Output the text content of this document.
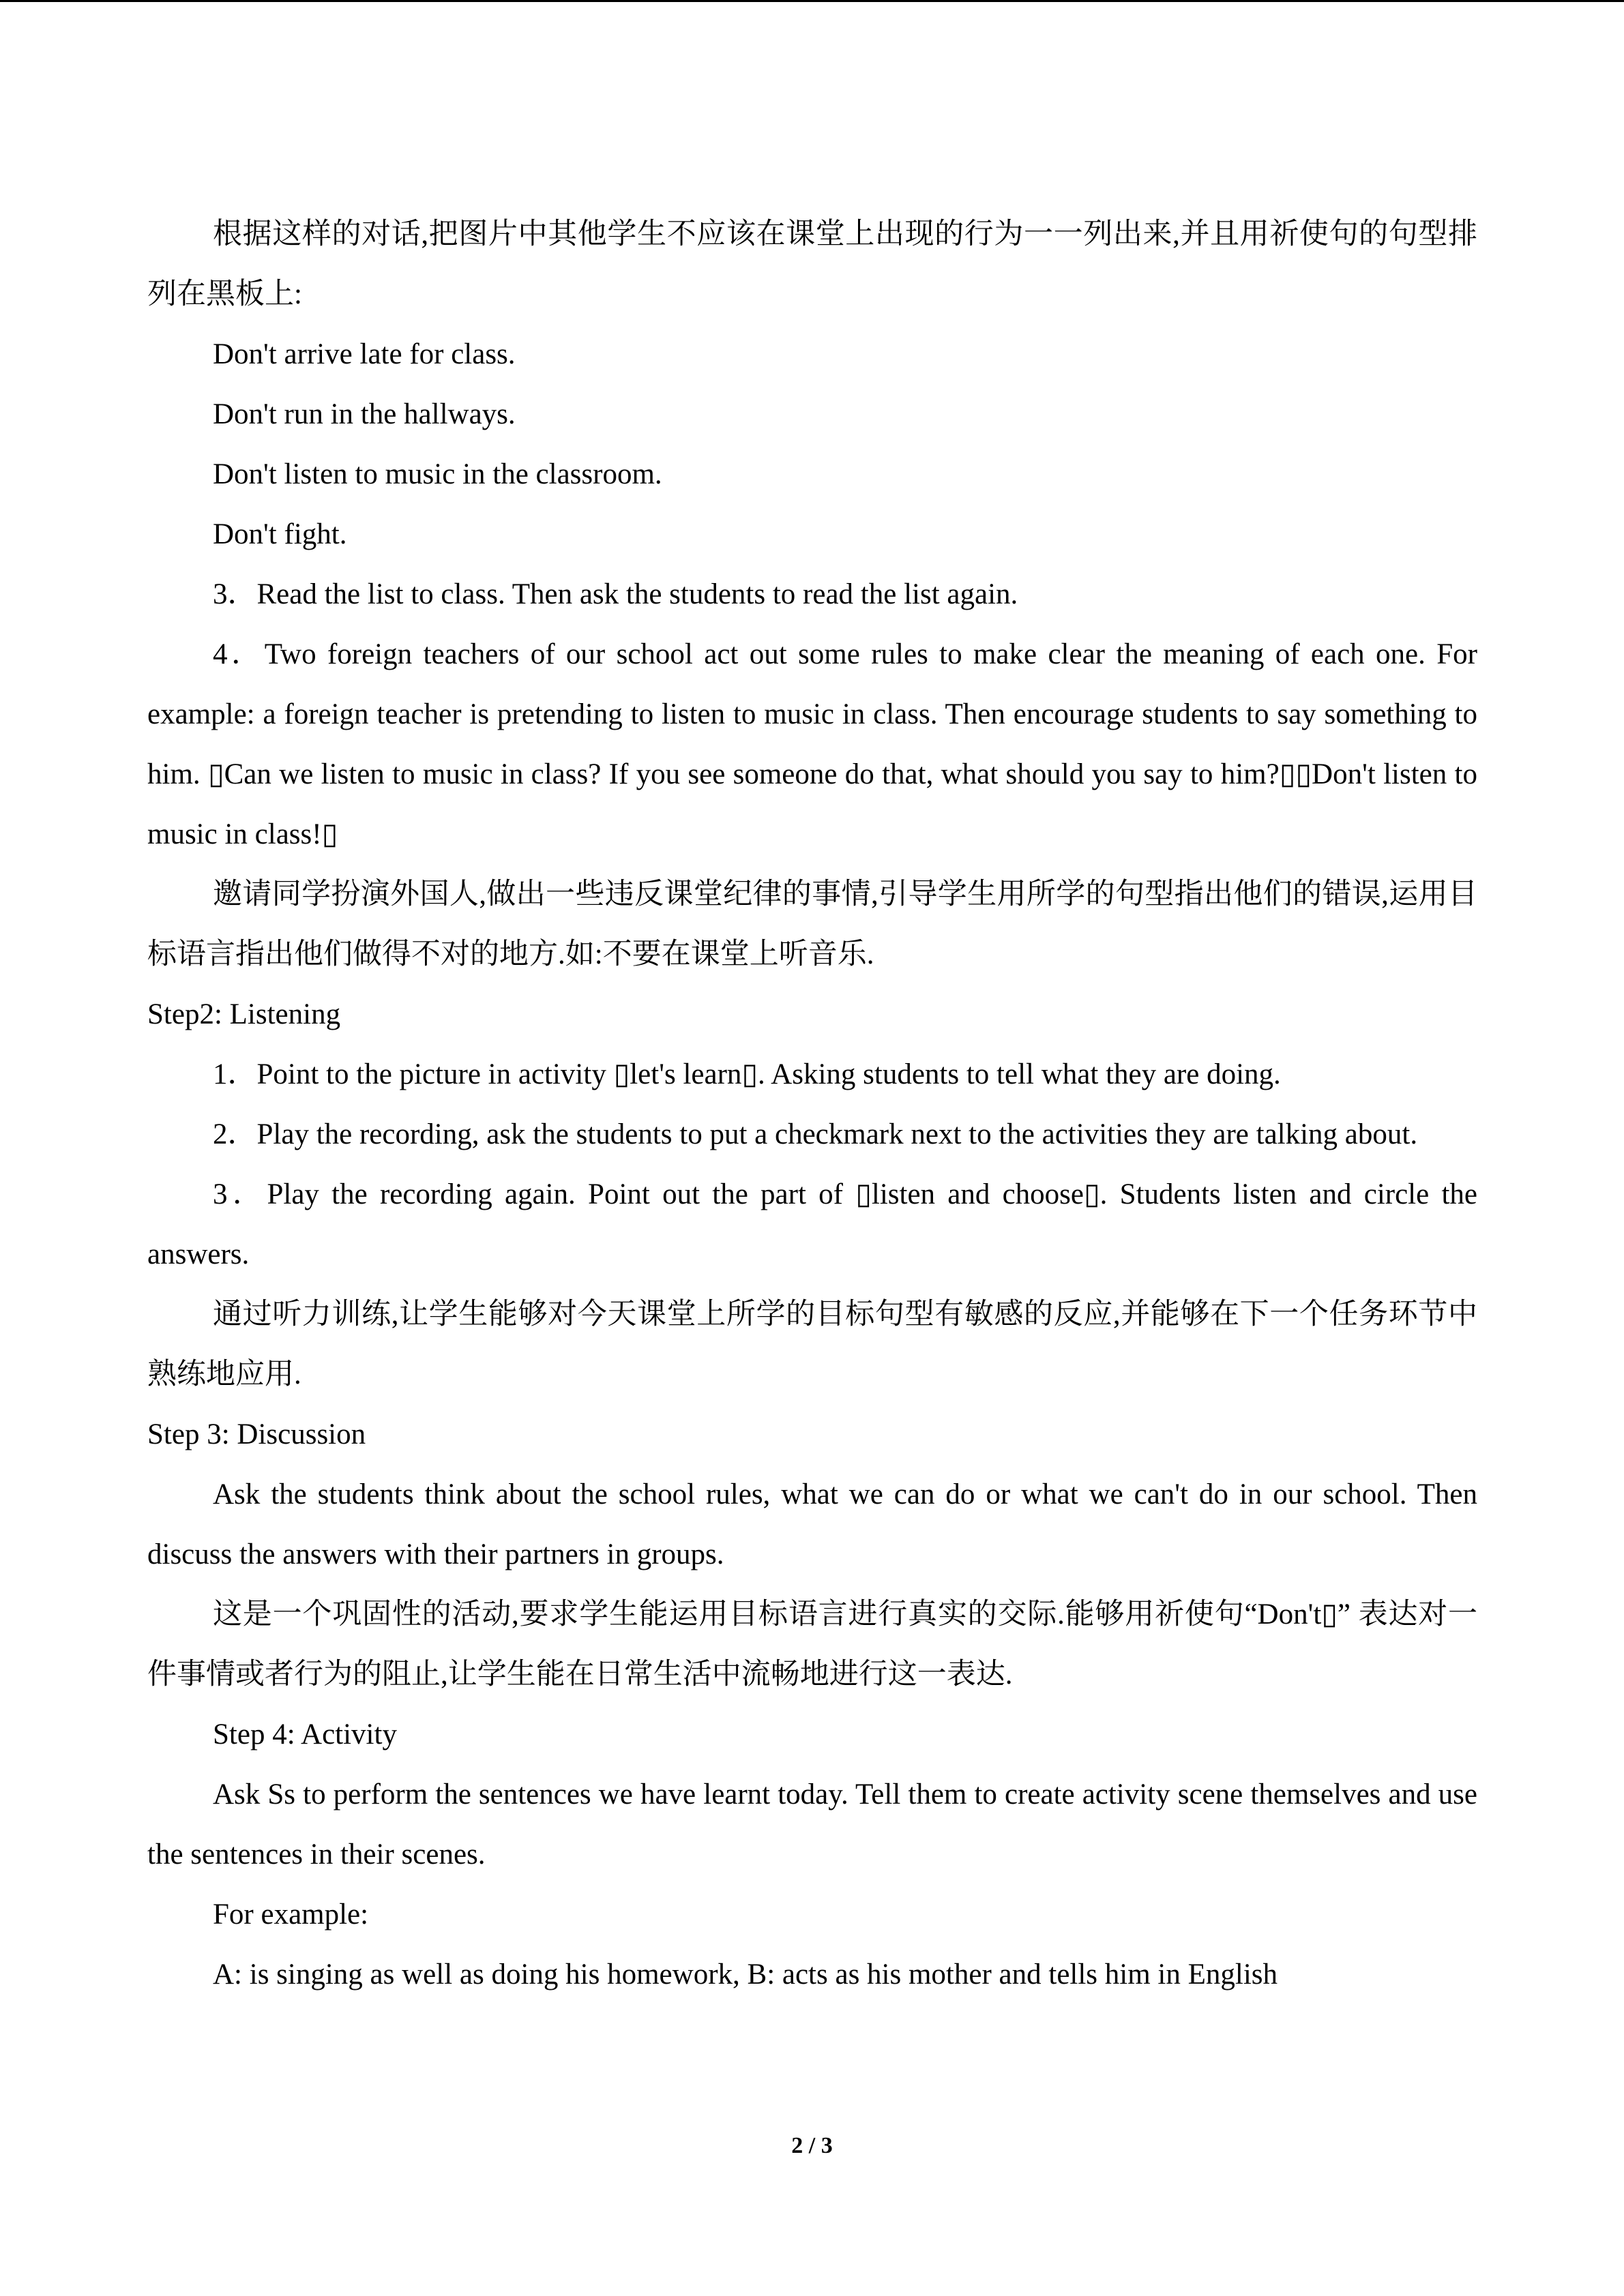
根据这样的对话,把图片中其他学生不应该在课堂上出现的行为一一列出来,并且用祈使句的句型排列在黑板上:

Don't arrive late for class.

Don't run in the hallways.

Don't listen to music in the classroom.

Don't fight.

3．Read the list to class. Then ask the students to read the list again.

4．Two foreign teachers of our school act out some rules to make clear the meaning of each one. For example: a foreign teacher is pretending to listen to music in class. Then encourage students to say something to him. ▯Can we listen to music in class? If you see someone do that, what should you say to him?▯▯Don't listen to music in class!▯

邀请同学扮演外国人,做出一些违反课堂纪律的事情,引导学生用所学的句型指出他们的错误,运用目标语言指出他们做得不对的地方.如:不要在课堂上听音乐.

Step2: Listening

1．Point to the picture in activity ▯let's learn▯. Asking students to tell what they are doing.

2．Play the recording, ask the students to put a checkmark next to the activities they are talking about.

3．Play the recording again. Point out the part of ▯listen and choose▯. Students listen and circle the answers.

通过听力训练,让学生能够对今天课堂上所学的目标句型有敏感的反应,并能够在下一个任务环节中熟练地应用.

Step 3: Discussion

Ask the students think about the school rules, what we can do or what we can't do in our school. Then discuss the answers with their partners in groups.

这是一个巩固性的活动,要求学生能运用目标语言进行真实的交际.能够用祈使句“Don't▯” 表达对一件事情或者行为的阻止,让学生能在日常生活中流畅地进行这一表达.

Step 4: Activity

Ask Ss to perform the sentences we have learnt today. Tell them to create activity scene themselves and use the sentences in their scenes.

For example:

A: is singing as well as doing his homework, B: acts as his mother and tells him in English

2 / 3
